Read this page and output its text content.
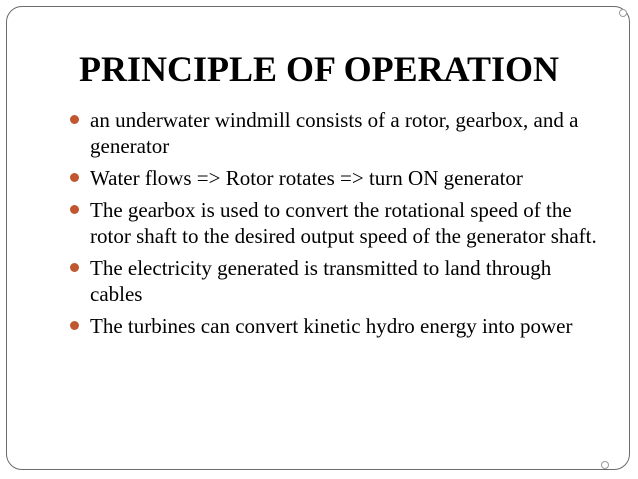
PRINCIPLE OF OPERATION
an underwater windmill consists of a rotor, gearbox, and a generator
Water flows => Rotor rotates => turn ON generator
The gearbox is used to convert the rotational speed of the rotor shaft to the desired output speed of the generator shaft.
The electricity generated is transmitted to land through cables
The turbines can convert kinetic hydro energy into power
